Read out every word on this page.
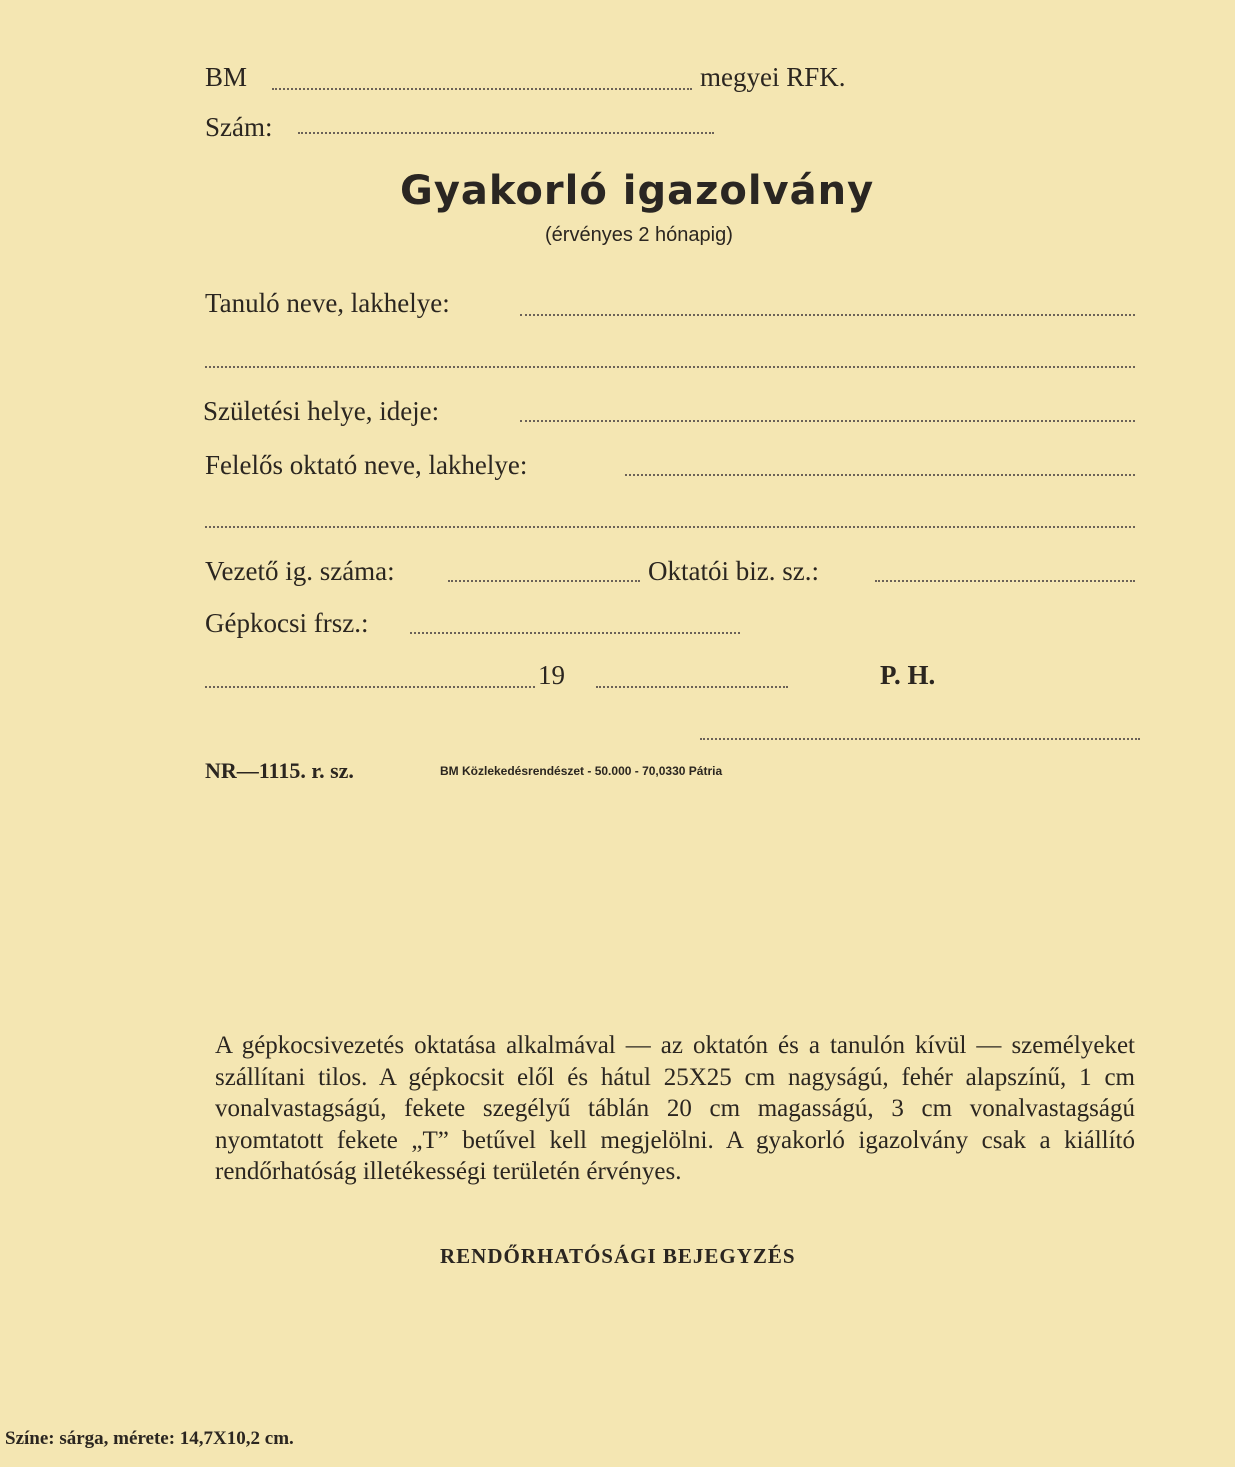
BM	megyei RFK.
Szám:
Gyakorló igazolvány
(érvényes 2 hónapig)
Tanuló neve, lakhelye:
Születési helye, ideje:
Felelős oktató neve, lakhelye:
Vezető ig. száma:	Oktatói biz. sz.:
Gépkocsi frsz.:
19	P. H.
NR—1115. r. sz.	BM Közlekedésrendészet - 50.000 - 70,0330 Pátria
A gépkocsivezetés oktatása alkalmával — az oktatón és a tanulón kívül — személyeket szállítani tilos. A gépkocsit elől és hátul 25X25 cm nagyságú, fehér alapszínű, 1 cm vonalvastagságú, fekete szegélyű táblán 20 cm magasságú, 3 cm vonalvastagságú nyomtatott fekete „T” betűvel kell megjelölni. A gyakorló igazolvány csak a kiállító rendőrhatóság illetékességi területén érvényes.
RENDŐRHATÓSÁGI BEJEGYZÉS
Színe: sárga, mérete: 14,7X10,2 cm.
